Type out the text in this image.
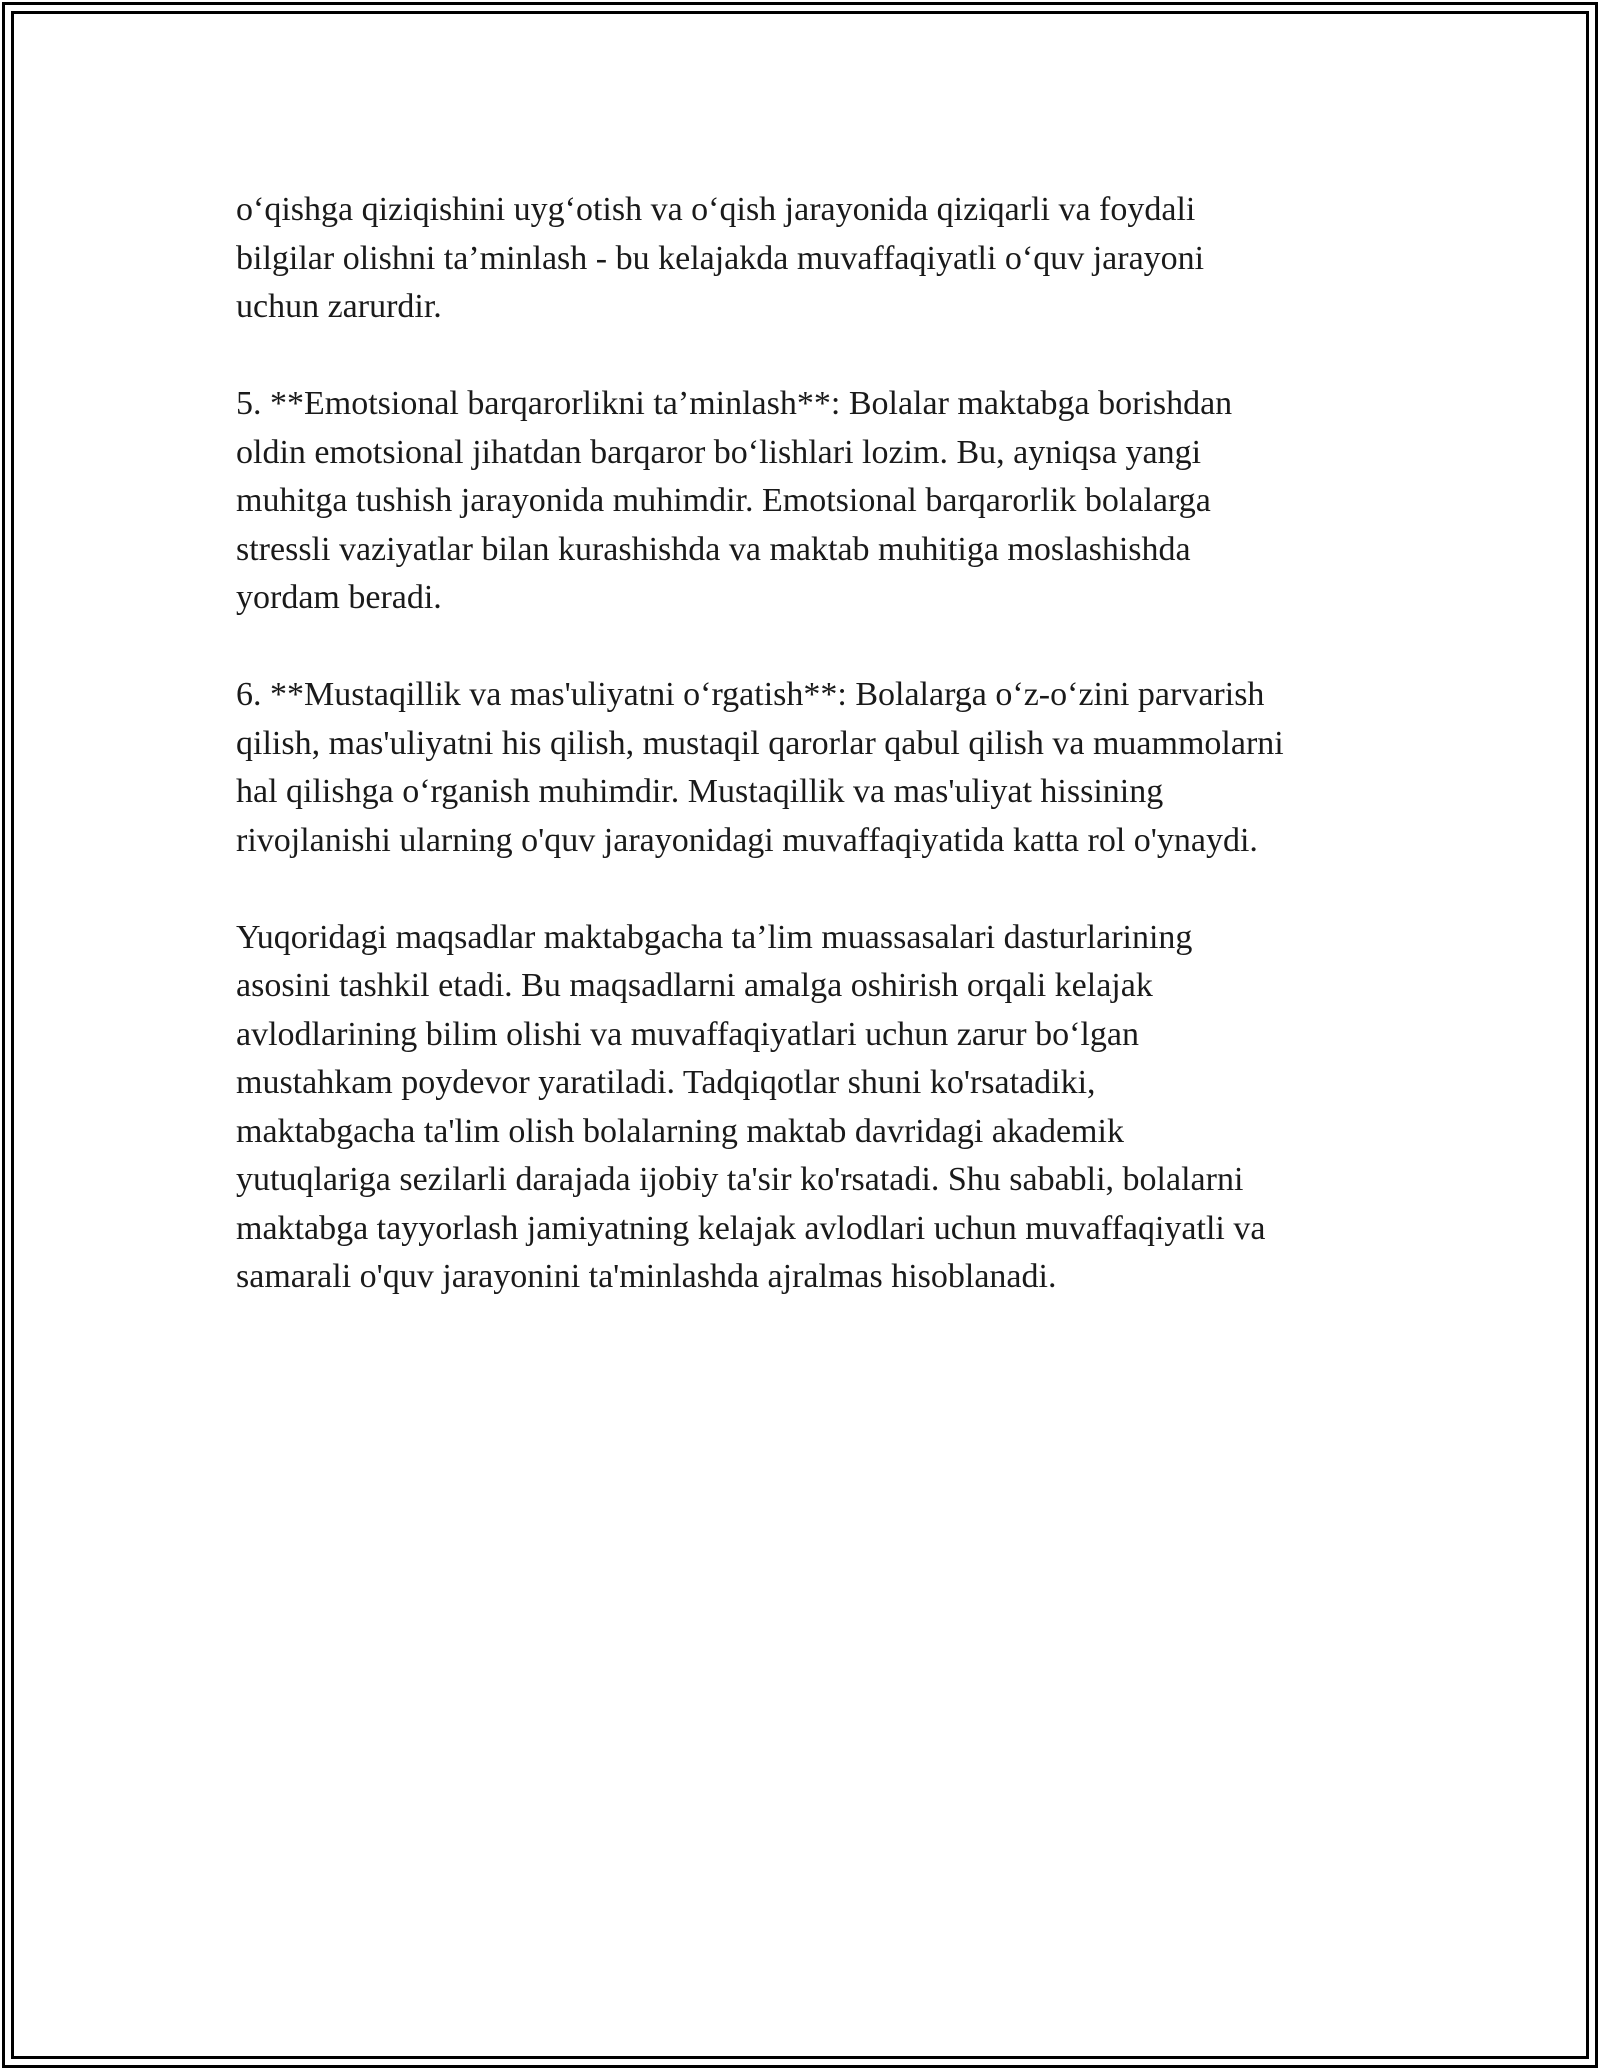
o‘qishga qiziqishini uyg‘otish va o‘qish jarayonida qiziqarli va foydali
bilgilar olishni ta’minlash - bu kelajakda muvaffaqiyatli o‘quv jarayoni
uchun zarurdir.

5. **Emotsional barqarorlikni ta’minlash**: Bolalar maktabga borishdan
oldin emotsional jihatdan barqaror bo‘lishlari lozim. Bu, ayniqsa yangi
muhitga tushish jarayonida muhimdir. Emotsional barqarorlik bolalarga
stressli vaziyatlar bilan kurashishda va maktab muhitiga moslashishda
yordam beradi.

6. **Mustaqillik va mas'uliyatni o‘rgatish**: Bolalarga o‘z-o‘zini parvarish
qilish, mas'uliyatni his qilish, mustaqil qarorlar qabul qilish va muammolarni
hal qilishga o‘rganish muhimdir. Mustaqillik va mas'uliyat hissining
rivojlanishi ularning o'quv jarayonidagi muvaffaqiyatida katta rol o'ynaydi.

Yuqoridagi maqsadlar maktabgacha ta’lim muassasalari dasturlarining
asosini tashkil etadi. Bu maqsadlarni amalga oshirish orqali kelajak
avlodlarining bilim olishi va muvaffaqiyatlari uchun zarur bo‘lgan
mustahkam poydevor yaratiladi. Tadqiqotlar shuni ko'rsatadiki,
maktabgacha ta'lim olish bolalarning maktab davridagi akademik
yutuqlariga sezilarli darajada ijobiy ta'sir ko'rsatadi. Shu sababli, bolalarni
maktabga tayyorlash jamiyatning kelajak avlodlari uchun muvaffaqiyatli va
samarali o'quv jarayonini ta'minlashda ajralmas hisoblanadi.
